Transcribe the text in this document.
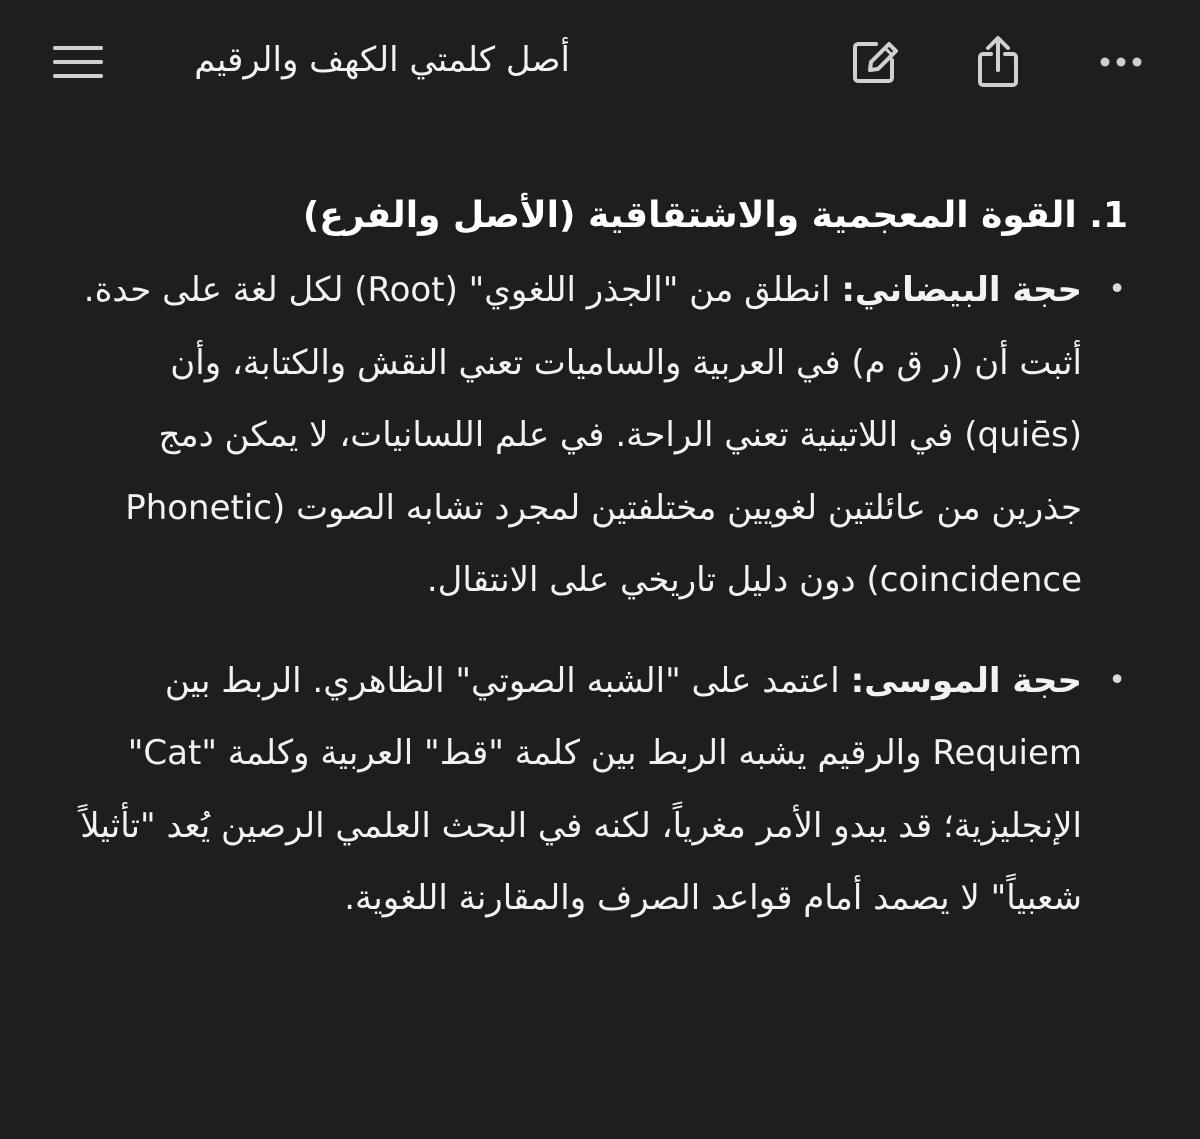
أصل كلمتي الكهف والرقيم
1. القوة المعجمية والاشتقاقية (الأصل والفرع)
•
حجة البيضاني: انطلق من "الجذر اللغوي" (Root) لكل لغة على حدة. أثبت أن (ر ق م) في العربية والساميات تعني النقش والكتابة، وأن (quiēs) في اللاتينية تعني الراحة. في علم اللسانيات، لا يمكن دمج جذرين من عائلتين لغويين مختلفتين لمجرد تشابه الصوت (Phonetic coincidence) دون دليل تاريخي على الانتقال.
•
حجة الموسى: اعتمد على "الشبه الصوتي" الظاهري. الربط بين Requiem والرقيم يشبه الربط بين كلمة "قط" العربية وكلمة "Cat" الإنجليزية؛ قد يبدو الأمر مغرياً، لكنه في البحث العلمي الرصين يُعد "تأثيلاً شعبياً" لا يصمد أمام قواعد الصرف والمقارنة اللغوية.
